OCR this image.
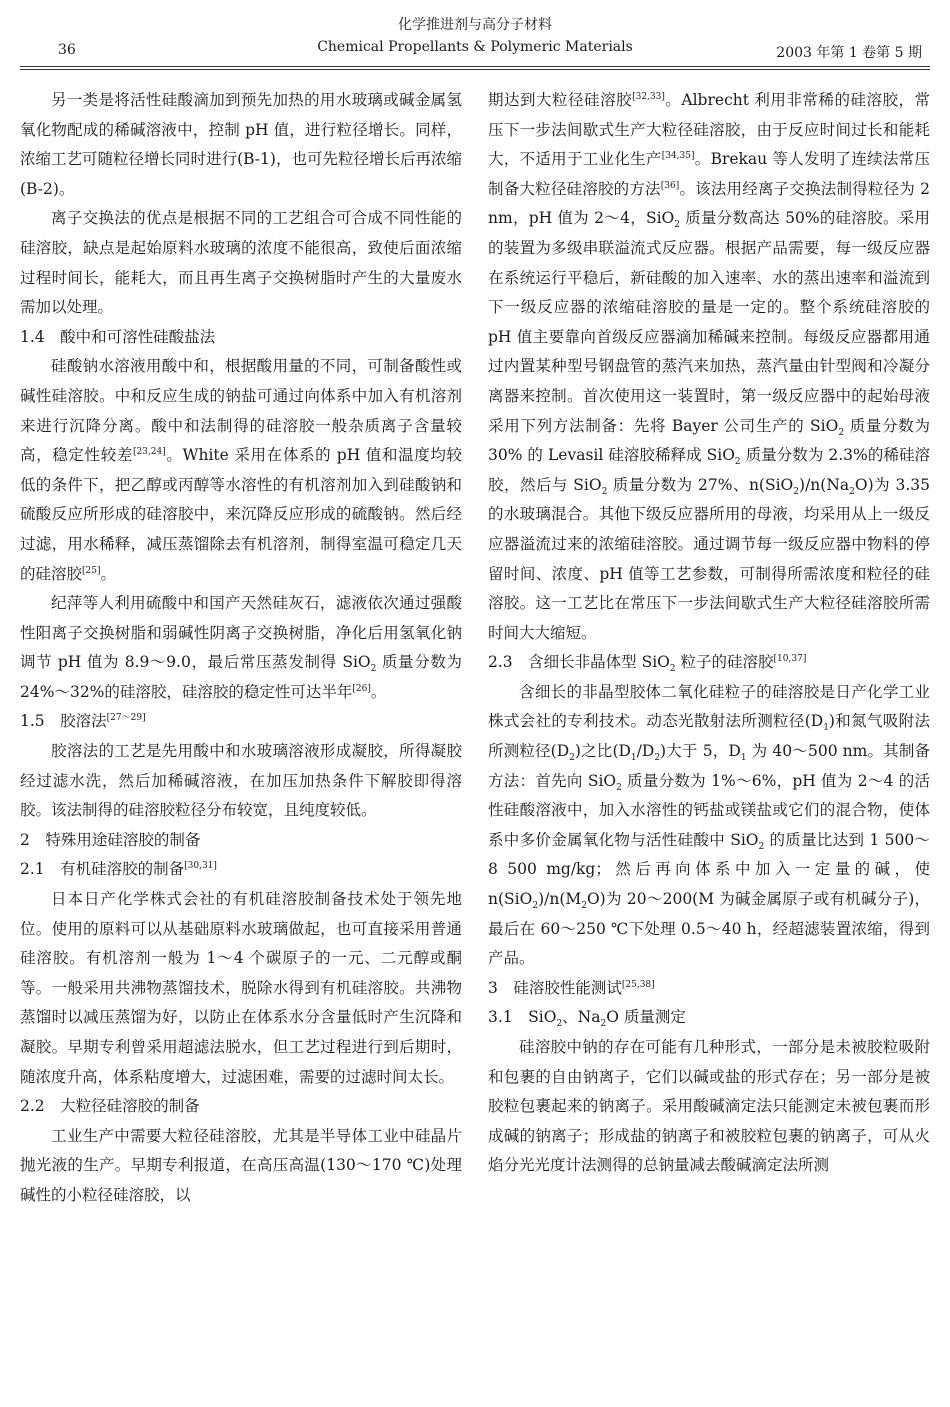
36
化学推进剂与高分子材料
Chemical Propellants & Polymeric Materials	2003 年第 1 卷第 5 期

另一类是将活性硅酸滴加到预先加热的用水玻璃或碱金属氢氧化物配成的稀碱溶液中，控制 pH 值，进行粒径增长。同样，浓缩工艺可随粒径增长同时进行(B-1)，也可先粒径增长后再浓缩(B-2)。

离子交换法的优点是根据不同的工艺组合可合成不同性能的硅溶胶，缺点是起始原料水玻璃的浓度不能很高，致使后面浓缩过程时间长，能耗大，而且再生离子交换树脂时产生的大量废水需加以处理。

1.4　酸中和可溶性硅酸盐法

硅酸钠水溶液用酸中和，根据酸用量的不同，可制备酸性或碱性硅溶胶。中和反应生成的钠盐可通过向体系中加入有机溶剂来进行沉降分离。酸中和法制得的硅溶胶一般杂质离子含量较高，稳定性较差[23,24]。White 采用在体系的 pH 值和温度均较低的条件下，把乙醇或丙醇等水溶性的有机溶剂加入到硅酸钠和硫酸反应所形成的硅溶胶中，来沉降反应形成的硫酸钠。然后经过滤，用水稀释，减压蒸馏除去有机溶剂，制得室温可稳定几天的硅溶胶[25]。

纪萍等人利用硫酸中和国产天然硅灰石，滤液依次通过强酸性阳离子交换树脂和弱碱性阴离子交换树脂，净化后用氢氧化钠调节 pH 值为 8.9～9.0，最后常压蒸发制得 SiO$_2$ 质量分数为 24%～32%的硅溶胶，硅溶胶的稳定性可达半年[26]。

1.5　胶溶法[27～29]

胶溶法的工艺是先用酸中和水玻璃溶液形成凝胶，所得凝胶经过滤水洗，然后加稀碱溶液，在加压加热条件下解胶即得溶胶。该法制得的硅溶胶粒径分布较宽，且纯度较低。

2　特殊用途硅溶胶的制备

2.1　有机硅溶胶的制备[30,31]

日本日产化学株式会社的有机硅溶胶制备技术处于领先地位。使用的原料可以从基础原料水玻璃做起，也可直接采用普通硅溶胶。有机溶剂一般为 1～4 个碳原子的一元、二元醇或酮等。一般采用共沸物蒸馏技术，脱除水得到有机硅溶胶。共沸物蒸馏时以减压蒸馏为好，以防止在体系水分含量低时产生沉降和凝胶。早期专利曾采用超滤法脱水，但工艺过程进行到后期时，随浓度升高，体系粘度增大，过滤困难，需要的过滤时间太长。

2.2　大粒径硅溶胶的制备

工业生产中需要大粒径硅溶胶，尤其是半导体工业中硅晶片抛光液的生产。早期专利报道，在高压高温(130～170 ℃)处理碱性的小粒径硅溶胶，以

期达到大粒径硅溶胶[32,33]。Albrecht 利用非常稀的硅溶胶，常压下一步法间歇式生产大粒径硅溶胶，由于反应时间过长和能耗大，不适用于工业化生产[34,35]。Brekau 等人发明了连续法常压制备大粒径硅溶胶的方法[36]。该法用经离子交换法制得粒径为 2 nm，pH 值为 2～4，SiO$_2$ 质量分数高达 50%的硅溶胶。采用的装置为多级串联溢流式反应器。根据产品需要，每一级反应器在系统运行平稳后，新硅酸的加入速率、水的蒸出速率和溢流到下一级反应器的浓缩硅溶胶的量是一定的。整个系统硅溶胶的 pH 值主要靠向首级反应器滴加稀碱来控制。每级反应器都用通过内置某种型号钢盘管的蒸汽来加热，蒸汽量由针型阀和冷凝分离器来控制。首次使用这一装置时，第一级反应器中的起始母液采用下列方法制备：先将 Bayer 公司生产的 SiO$_2$ 质量分数为 30% 的 Levasil 硅溶胶稀释成 SiO$_2$ 质量分数为 2.3%的稀硅溶胶，然后与 SiO$_2$ 质量分数为 27%、$n(SiO_2)/n(Na_2O)$为 3.35 的水玻璃混合。其他下级反应器所用的母液，均采用从上一级反应器溢流过来的浓缩硅溶胶。通过调节每一级反应器中物料的停留时间、浓度、pH 值等工艺参数，可制得所需浓度和粒径的硅溶胶。这一工艺比在常压下一步法间歇式生产大粒径硅溶胶所需时间大大缩短。

2.3　含细长非晶体型 SiO$_2$ 粒子的硅溶胶[10,37]

含细长的非晶型胶体二氧化硅粒子的硅溶胶是日产化学工业株式会社的专利技术。动态光散射法所测粒径$(D_1)$和氮气吸附法所测粒径$(D_2)$之比$(D_1/D_2)$大于 5，$D_1$ 为 40～500 nm。其制备方法：首先向 SiO$_2$ 质量分数为 1%～6%，pH 值为 2～4 的活性硅酸溶液中，加入水溶性的钙盐或镁盐或它们的混合物，使体系中多价金属氧化物与活性硅酸中 SiO$_2$ 的质量比达到 1 500～8 500 mg/kg；然后再向体系中加入一定量的碱，使 $n(SiO_2)/n(M_2O)$为 20～200(M 为碱金属原子或有机碱分子)，最后在 60～250 ℃下处理 0.5～40 h，经超滤装置浓缩，得到产品。

3　硅溶胶性能测试[25,38]

3.1　SiO$_2$、$Na_2O$ 质量测定

硅溶胶中钠的存在可能有几种形式，一部分是未被胶粒吸附和包裹的自由钠离子，它们以碱或盐的形式存在；另一部分是被胶粒包裹起来的钠离子。采用酸碱滴定法只能测定未被包裹而形成碱的钠离子；形成盐的钠离子和被胶粒包裹的钠离子，可从火焰分光光度计法测得的总钠量减去酸碱滴定法所测
